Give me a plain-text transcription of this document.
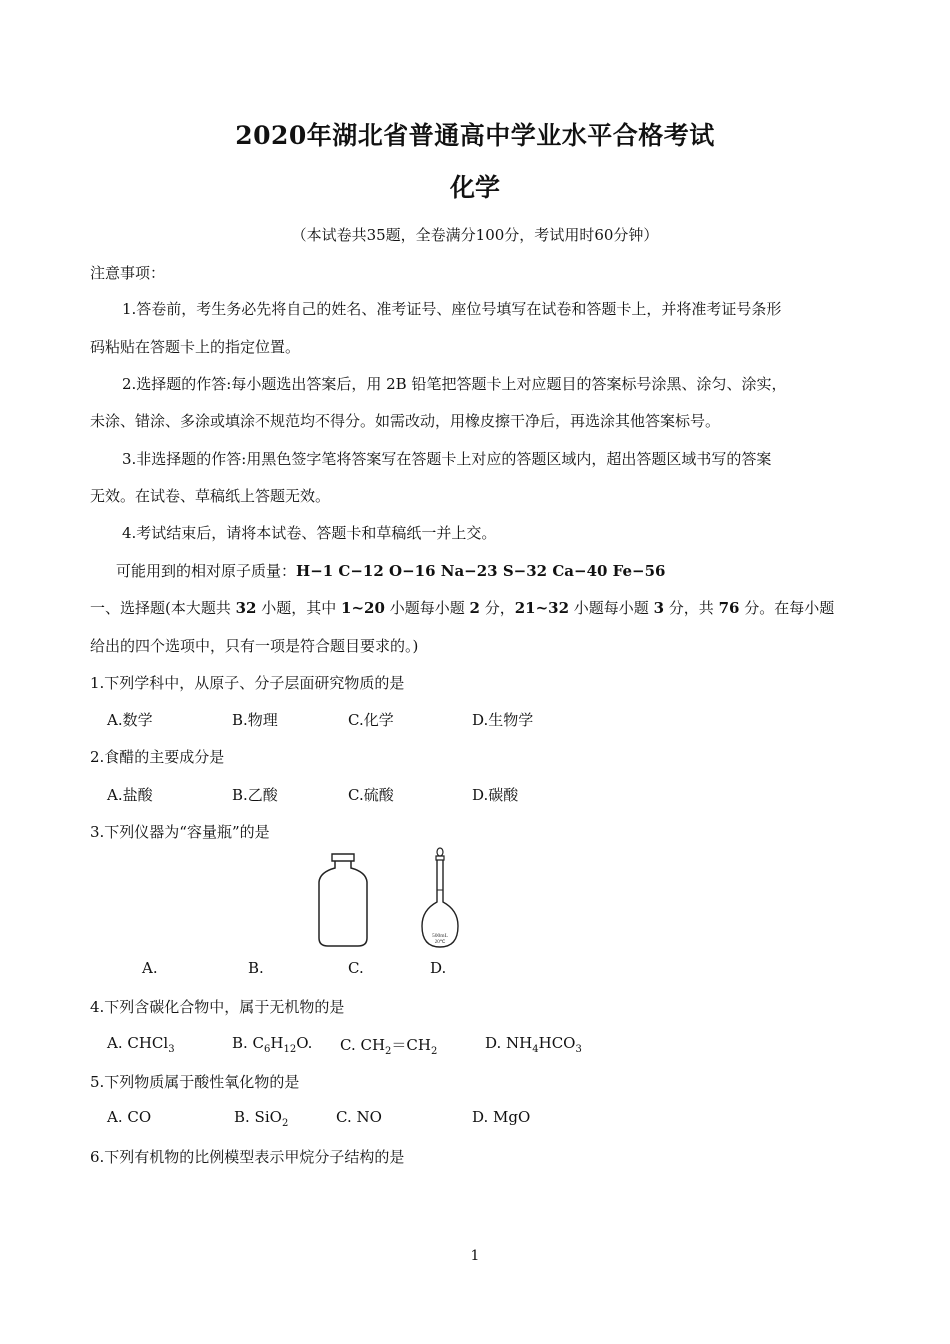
2020年湖北省普通高中学业水平合格考试
化学
（本试卷共35题，全卷满分100分，考试用时60分钟）
注意事项：
1.答卷前，考生务必先将自己的姓名、准考证号、座位号填写在试卷和答题卡上，并将准考证号条形
码粘贴在答题卡上的指定位置。
2.选择题的作答:每小题选出答案后，用 2B 铅笔把答题卡上对应题目的答案标号涂黑、涂匀、涂实，
未涂、错涂、多涂或填涂不规范均不得分。如需改动，用橡皮擦干净后，再选涂其他答案标号。
3.非选择题的作答:用黑色签字笔将答案写在答题卡上对应的答题区域内，超出答题区域书写的答案
无效。在试卷、草稿纸上答题无效。
4.考试结束后，请将本试卷、答题卡和草稿纸一并上交。
可能用到的相对原子质量：H−1 C−12 O−16 Na−23 S−32 Ca−40 Fe−56
一、选择题(本大题共 32 小题，其中 1~20 小题每小题 2 分，21~32 小题每小题 3 分，共 76 分。在每小题
给出的四个选项中，只有一项是符合题目要求的。)
1.下列学科中，从原子、分子层面研究物质的是
A.数学	B.物理	C.化学	D.生物学
2.食醋的主要成分是
A.盐酸	B.乙酸	C.硫酸	D.碳酸
3.下列仪器为“容量瓶”的是
500mL
20℃
A.	B.	C.	D.
4.下列含碳化合物中，属于无机物的是
A. CHCl$_3$	B. $C_6H_{12}O$. C. $CH_2=CH_2$	D. $NH_4HCO_3$
5.下列物质属于酸性氧化物的是
A. CO	B. SiO$_2$	C. NO	D. MgO
6.下列有机物的比例模型表示甲烷分子结构的是
1
